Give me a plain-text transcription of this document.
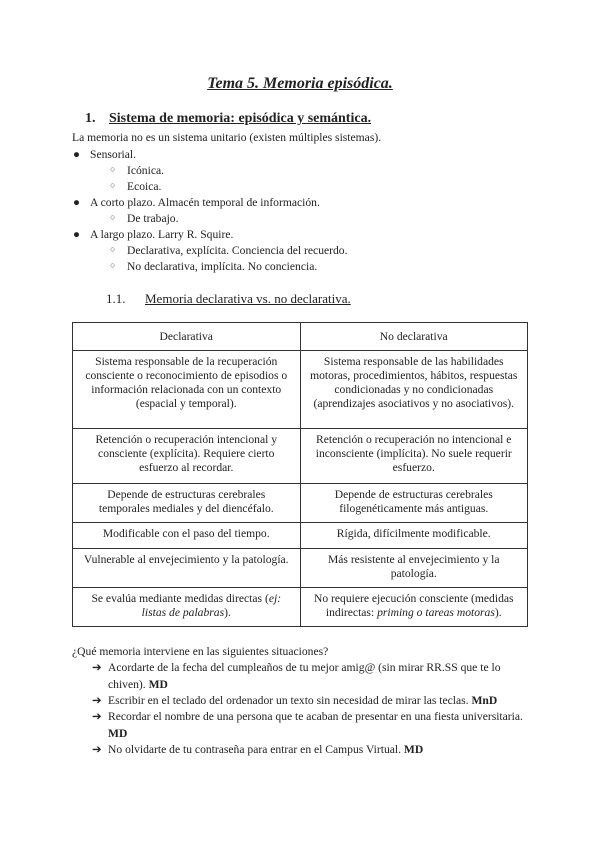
Tema 5. Memoria episódica.
1. Sistema de memoria: episódica y semántica.
La memoria no es un sistema unitario (existen múltiples sistemas).
● Sensorial.
○ Icónica.
○ Ecoica.
● A corto plazo. Almacén temporal de información.
○ De trabajo.
● A largo plazo. Larry R. Squire.
○ Declarativa, explícita. Conciencia del recuerdo.
○ No declarativa, implícita. No conciencia.
1.1. Memoria declarativa vs. no declarativa.
Declarativa	No declarativa
Sistema responsable de la recuperación consciente o reconocimiento de episodios o información relacionada con un contexto (espacial y temporal).	Sistema responsable de las habilidades motoras, procedimientos, hábitos, respuestas condicionadas y no condicionadas (aprendizajes asociativos y no asociativos).
Retención o recuperación intencional y consciente (explícita). Requiere cierto esfuerzo al recordar.	Retención o recuperación no intencional e inconsciente (implícita). No suele requerir esfuerzo.
Depende de estructuras cerebrales temporales mediales y del diencéfalo.	Depende de estructuras cerebrales filogenéticamente más antiguas.
Modificable con el paso del tiempo.	Rígida, difícilmente modificable.
Vulnerable al envejecimiento y la patología.	Más resistente al envejecimiento y la patología.
Se evalúa mediante medidas directas (ej: listas de palabras).	No requiere ejecución consciente (medidas indirectas: priming o tareas motoras).
¿Qué memoria interviene en las siguientes situaciones?
➔ Acordarte de la fecha del cumpleaños de tu mejor amig@ (sin mirar RR.SS que te lo chiven). MD
➔ Escribir en el teclado del ordenador un texto sin necesidad de mirar las teclas. MnD
➔ Recordar el nombre de una persona que te acaban de presentar en una fiesta universitaria. MD
➔ No olvidarte de tu contraseña para entrar en el Campus Virtual. MD
